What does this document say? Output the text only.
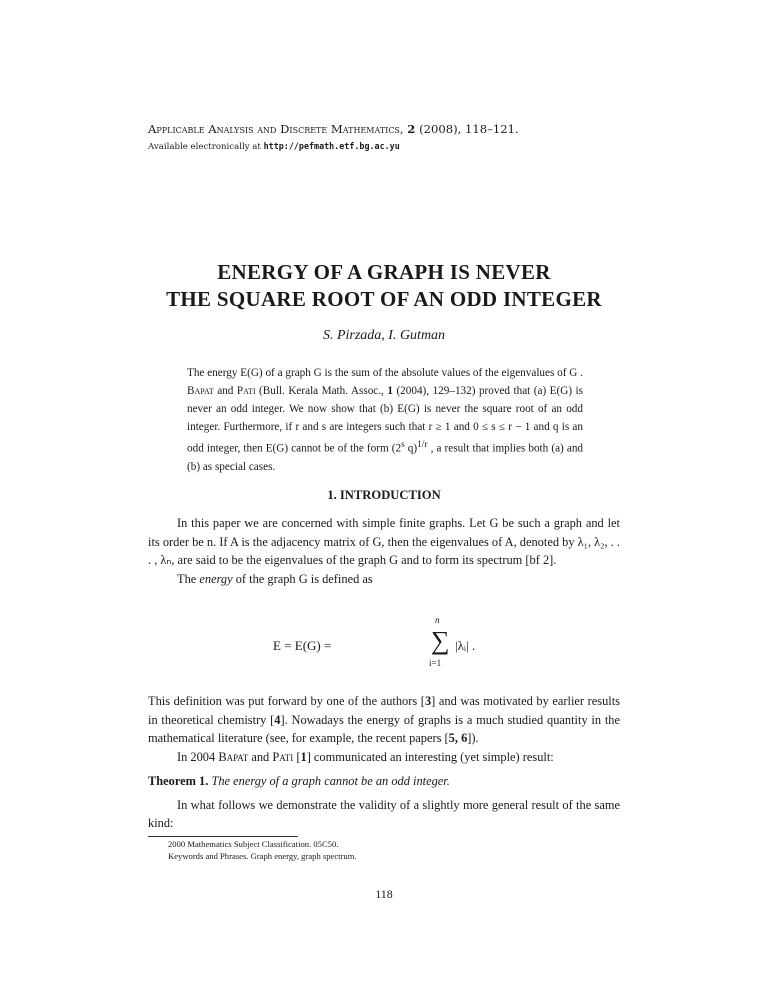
Applicable Analysis and Discrete Mathematics, 2 (2008), 118–121.
Available electronically at http://pefmath.etf.bg.ac.yu
ENERGY OF A GRAPH IS NEVER
THE SQUARE ROOT OF AN ODD INTEGER
S. Pirzada, I. Gutman
The energy E(G) of a graph G is the sum of the absolute values of the eigenvalues of G . Bapat and Pati (Bull. Kerala Math. Assoc., 1 (2004), 129–132) proved that (a) E(G) is never an odd integer. We now show that (b) E(G) is never the square root of an odd integer. Furthermore, if r and s are integers such that r ≥ 1 and 0 ≤ s ≤ r − 1 and q is an odd integer, then E(G) cannot be of the form (2$^s$ q)$^{1/r}$ , a result that implies both (a) and (b) as special cases.
1. INTRODUCTION

In this paper we are concerned with simple finite graphs. Let G be such a graph and let its order be n. If A is the adjacency matrix of G, then the eigenvalues of A, denoted by λ₁, λ₂, . . . , λₙ, are said to be the eigenvalues of the graph G and to form its spectrum [bf 2].

The energy of the graph G is defined as

E = E(G) =
n
∑
i=1
|λᵢ| .

This definition was put forward by one of the authors [3] and was motivated by earlier results in theoretical chemistry [4]. Nowadays the energy of graphs is a much studied quantity in the mathematical literature (see, for example, the recent papers [5, 6]).

In 2004 Bapat and Pati [1] communicated an interesting (yet simple) result:

Theorem 1. The energy of a graph cannot be an odd integer.

In what follows we demonstrate the validity of a slightly more general result of the same kind:

2000 Mathematics Subject Classification. 05C50.
Keywords and Phrases. Graph energy, graph spectrum.
118
